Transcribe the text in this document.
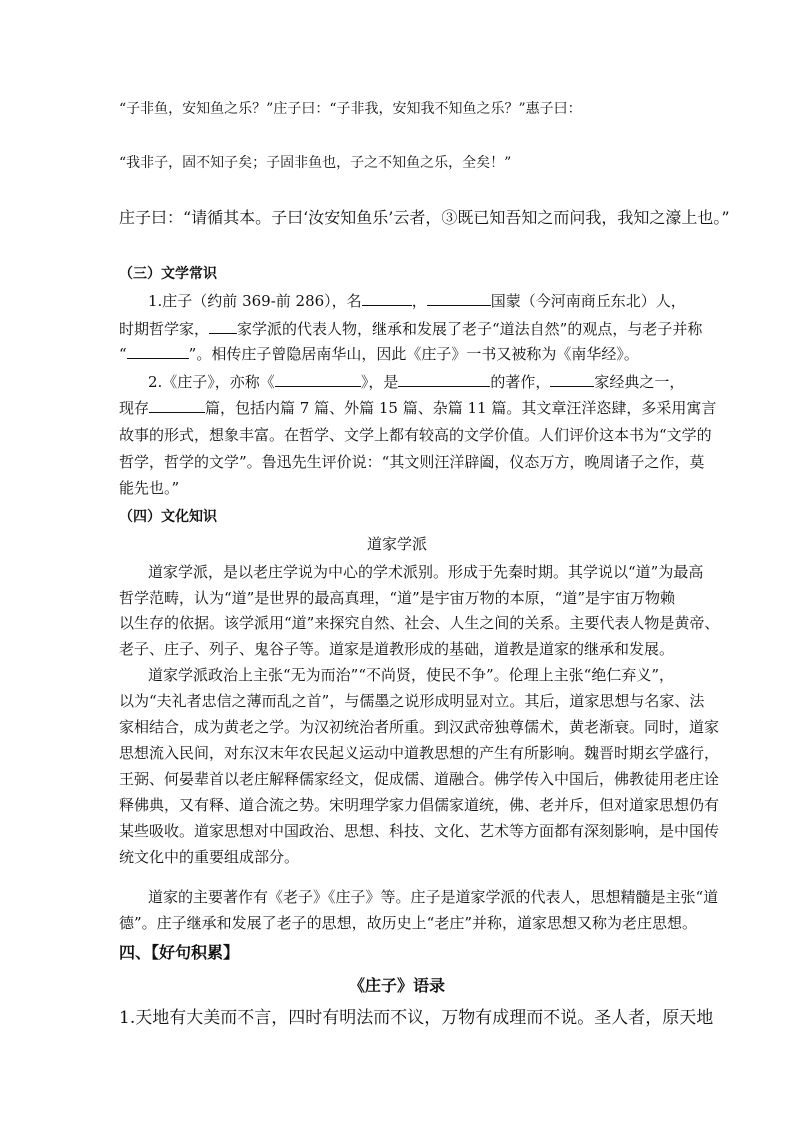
“子非鱼，安知鱼之乐？”庄子曰：“子非我，安知我不知鱼之乐？”惠子曰：
“我非子，固不知子矣；子固非鱼也，子之不知鱼之乐，全矣！”
庄子曰：“请循其本。子曰‘汝安知鱼乐’云者，③既已知吾知之而问我，我知之濠上也。”
（三）文学常识
1.庄子（约前 369-前 286），名	，	国蒙（今河南商丘东北）人，
时期哲学家， 家学派的代表人物，继承和发展了老子“道法自然”的观点，与老子并称
“	”。相传庄子曾隐居南华山，因此《庄子》一书又被称为《南华经》。
2.《庄子》，亦称《	》，是	的著作，	家经典之一，
现存	篇，包括内篇 7 篇、外篇 15 篇、杂篇 11 篇。其文章汪洋恣肆，多采用寓言
故事的形式，想象丰富。在哲学、文学上都有较高的文学价值。人们评价这本书为“文学的
哲学，哲学的文学”。鲁迅先生评价说：“其文则汪洋辟阖，仪态万方，晚周诸子之作，莫
能先也。”
（四）文化知识
道家学派
道家学派，是以老庄学说为中心的学术派别。形成于先秦时期。其学说以“道”为最高
哲学范畴，认为“道”是世界的最高真理，“道”是宇宙万物的本原，“道”是宇宙万物赖
以生存的依据。该学派用“道”来探究自然、社会、人生之间的关系。主要代表人物是黄帝、
老子、庄子、列子、鬼谷子等。道家是道教形成的基础，道教是道家的继承和发展。
道家学派政治上主张“无为而治”“不尚贤，使民不争”。伦理上主张“绝仁弃义”，
以为“夫礼者忠信之薄而乱之首”，与儒墨之说形成明显对立。其后，道家思想与名家、法
家相结合，成为黄老之学。为汉初统治者所重。到汉武帝独尊儒术，黄老渐衰。同时，道家
思想流入民间，对东汉末年农民起义运动中道教思想的产生有所影响。魏晋时期玄学盛行，
王弼、何晏辈首以老庄解释儒家经文，促成儒、道融合。佛学传入中国后，佛教徒用老庄诠
释佛典，又有释、道合流之势。宋明理学家力倡儒家道统，佛、老并斥，但对道家思想仍有
某些吸收。道家思想对中国政治、思想、科技、文化、艺术等方面都有深刻影响，是中国传
统文化中的重要组成部分。
道家的主要著作有《老子》《庄子》等。庄子是道家学派的代表人，思想精髓是主张“道
德”。庄子继承和发展了老子的思想，故历史上“老庄”并称，道家思想又称为老庄思想。
四、【好句积累】
《庄子》语录
1.天地有大美而不言，四时有明法而不议，万物有成理而不说。圣人者，原天地
